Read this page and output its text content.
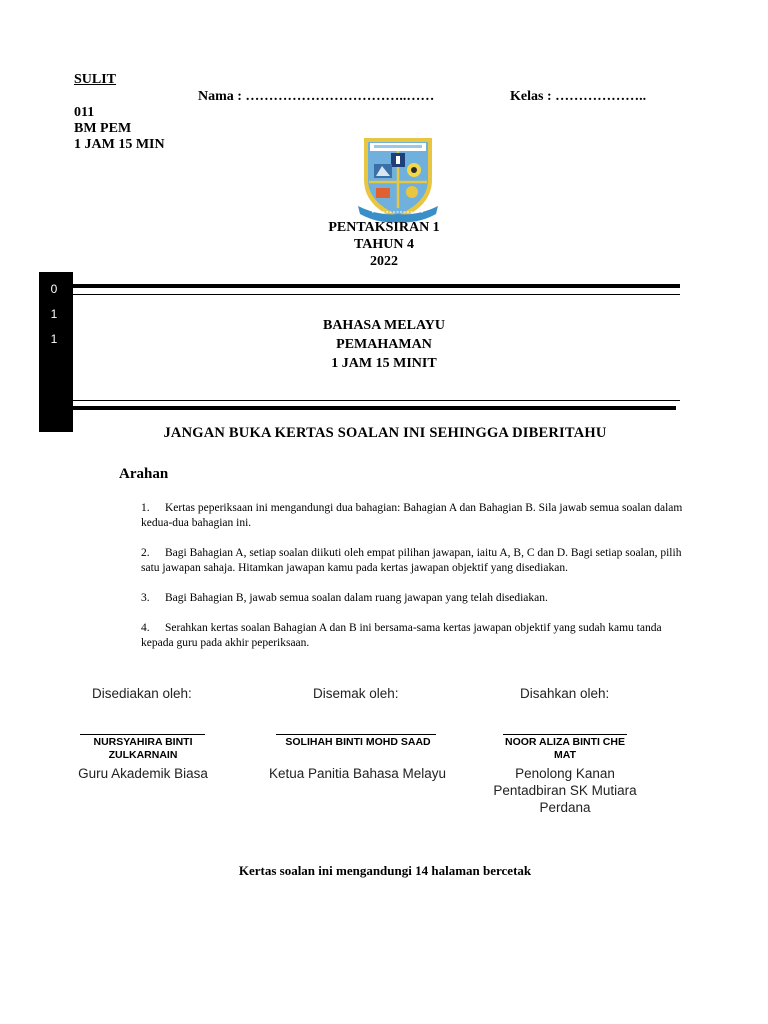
SULIT
011
BM PEM
1 JAM 15 MIN
Nama : ……………………………..……	Kelas : ………………..
PENTAKSIRAN 1
TAHUN 4
2022
0
1
1
BAHASA MELAYU
PEMAHAMAN
1 JAM 15 MINIT
JANGAN BUKA KERTAS SOALAN INI SEHINGGA DIBERITAHU
Arahan
1. Kertas peperiksaan ini mengandungi dua bahagian: Bahagian A dan Bahagian B. Sila jawab semua soalan dalam kedua-dua bahagian ini.
2. Bagi Bahagian A, setiap soalan diikuti oleh empat pilihan jawapan, iaitu A, B, C dan D. Bagi setiap soalan, pilih satu jawapan sahaja. Hitamkan jawapan kamu pada kertas jawapan objektif yang disediakan.
3. Bagi Bahagian B, jawab semua soalan dalam ruang jawapan yang telah disediakan.
4. Serahkan kertas soalan Bahagian A dan B ini bersama-sama kertas jawapan objektif yang sudah kamu tanda kepada guru pada akhir peperiksaan.
Disediakan oleh:
NURSYAHIRA BINTI ZULKARNAIN
Guru Akademik Biasa
Disemak oleh:
SOLIHAH BINTI MOHD SAAD
Ketua Panitia Bahasa Melayu
Disahkan oleh:
NOOR ALIZA BINTI CHE MAT
Penolong Kanan Pentadbiran SK Mutiara Perdana
Kertas soalan ini mengandungi 14 halaman bercetak
